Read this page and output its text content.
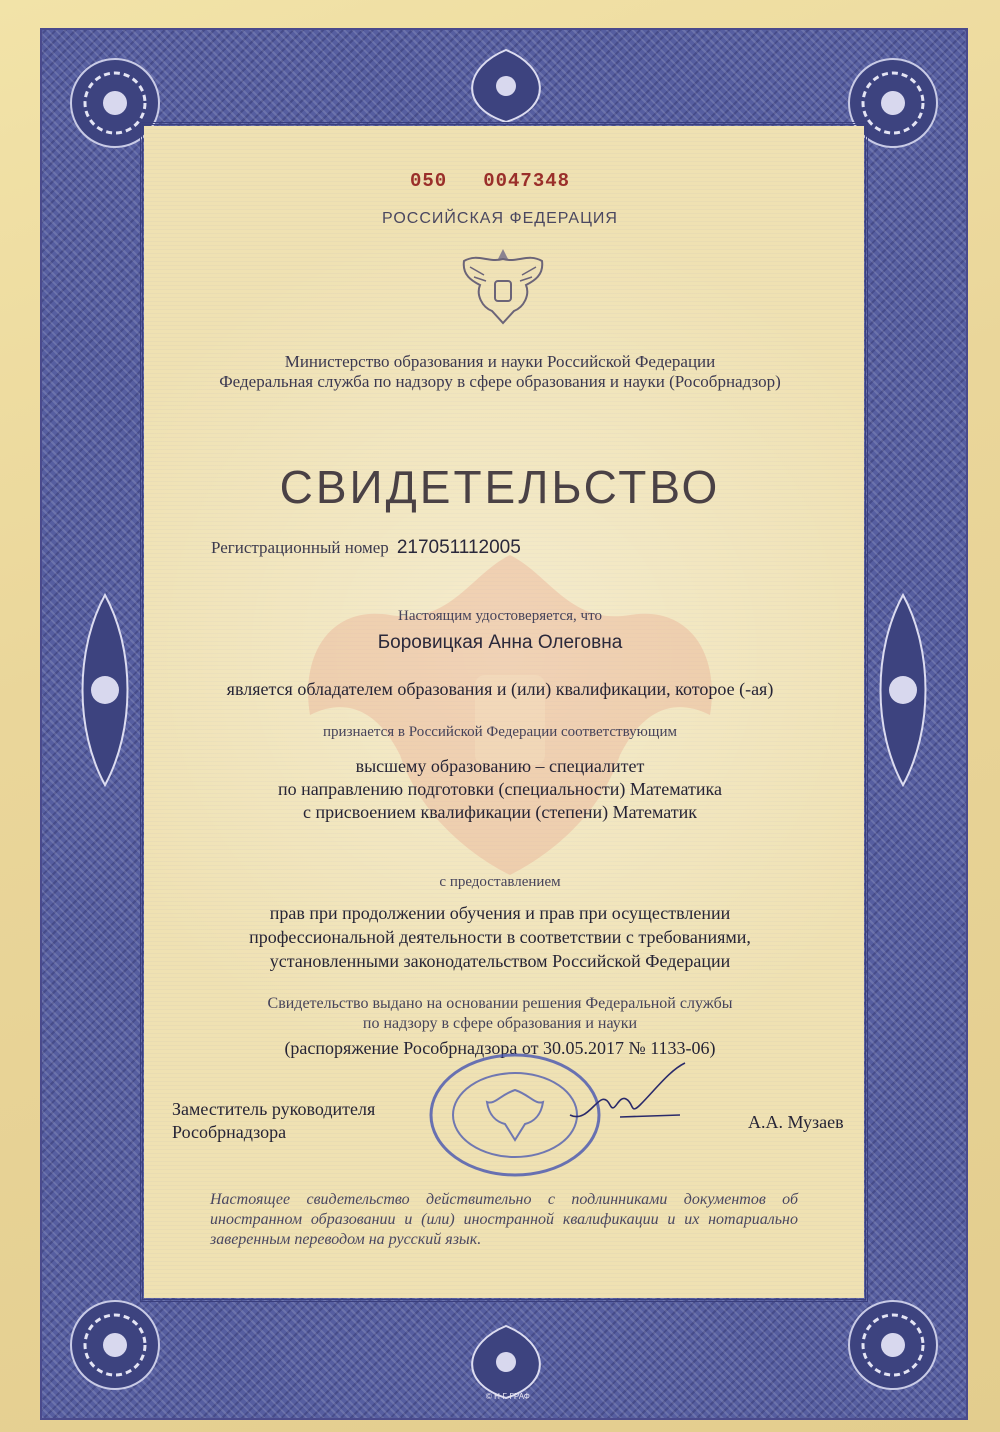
050 0047348
РОССИЙСКАЯ ФЕДЕРАЦИЯ
Министерство образования и науки Российской Федерации
Федеральная служба по надзору в сфере образования и науки (Рособрнадзор)
СВИДЕТЕЛЬСТВО
Регистрационный номер 217051112005
Настоящим удостоверяется, что
Боровицкая Анна Олеговна
является обладателем образования и (или) квалификации, которое (-ая)
признается в Российской Федерации соответствующим
высшему образованию – специалитет
по направлению подготовки (специальности) Математика
с присвоением квалификации (степени) Математик
с предоставлением
прав при продолжении обучения и прав при осуществлении
профессиональной деятельности в соответствии с требованиями,
установленными законодательством Российской Федерации
Свидетельство выдано на основании решения Федеральной службы
по надзору в сфере образования и науки
(распоряжение Рособрнадзора от 30.05.2017 № 1133-06)
Заместитель руководителя
Рособрнадзора	А.А. Музаев
Настоящее свидетельство действительно с подлинниками документов об иностранном образовании и (или) иностранной квалификации и их нотариально заверенным переводом на русский язык.
© Н-Г-ГРАФ
